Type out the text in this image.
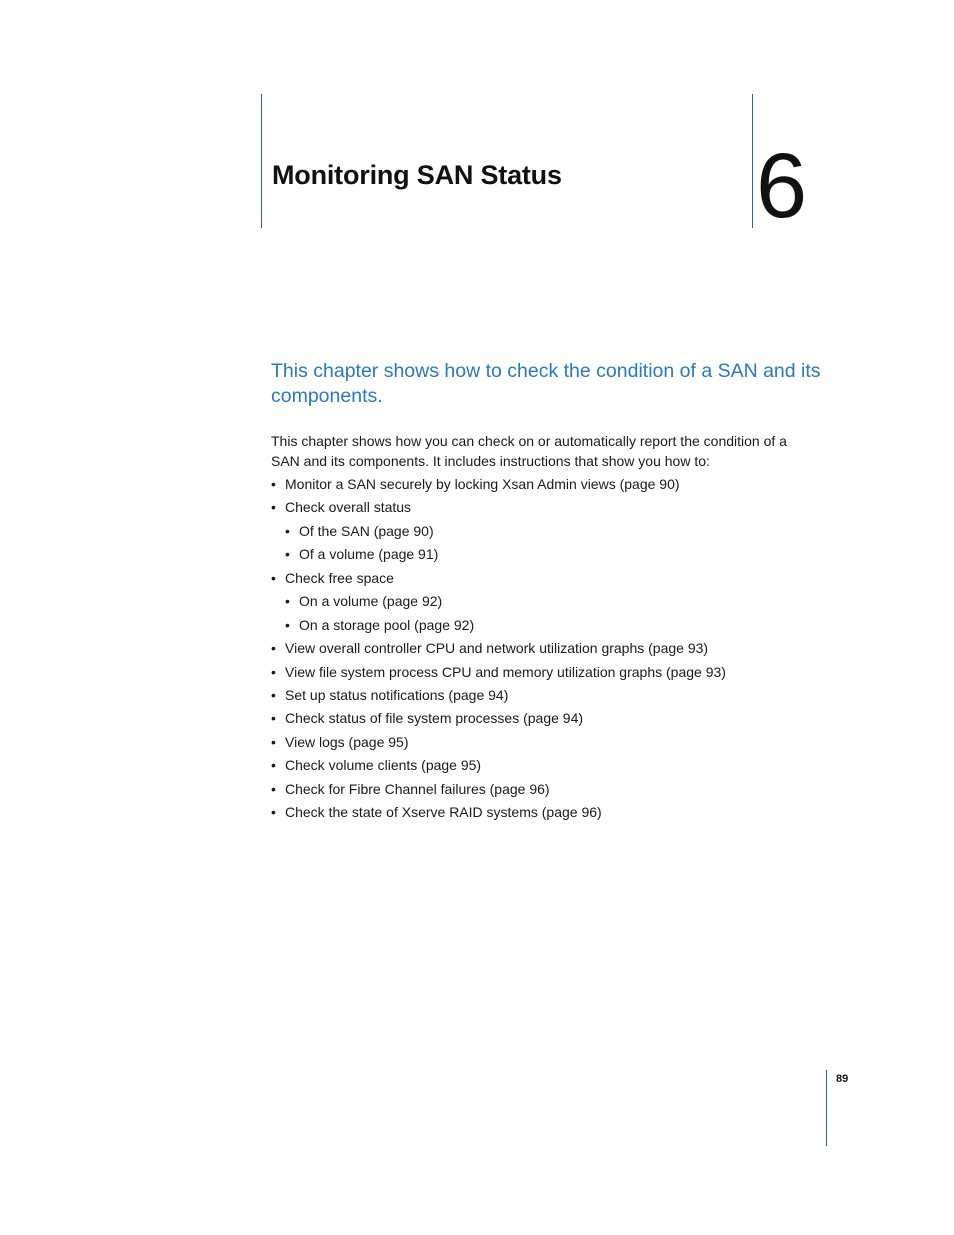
Monitoring SAN Status 6

This chapter shows how to check the condition of a SAN and its components.

This chapter shows how you can check on or automatically report the condition of a SAN and its components. It includes instructions that show you how to:

• Monitor a SAN securely by locking Xsan Admin views (page 90)
• Check overall status
• Of the SAN (page 90)
• Of a volume (page 91)
• Check free space
• On a volume (page 92)
• On a storage pool (page 92)
• View overall controller CPU and network utilization graphs (page 93)
• View file system process CPU and memory utilization graphs (page 93)
• Set up status notifications (page 94)
• Check status of file system processes (page 94)
• View logs (page 95)
• Check volume clients (page 95)
• Check for Fibre Channel failures (page 96)
• Check the state of Xserve RAID systems (page 96)
89
